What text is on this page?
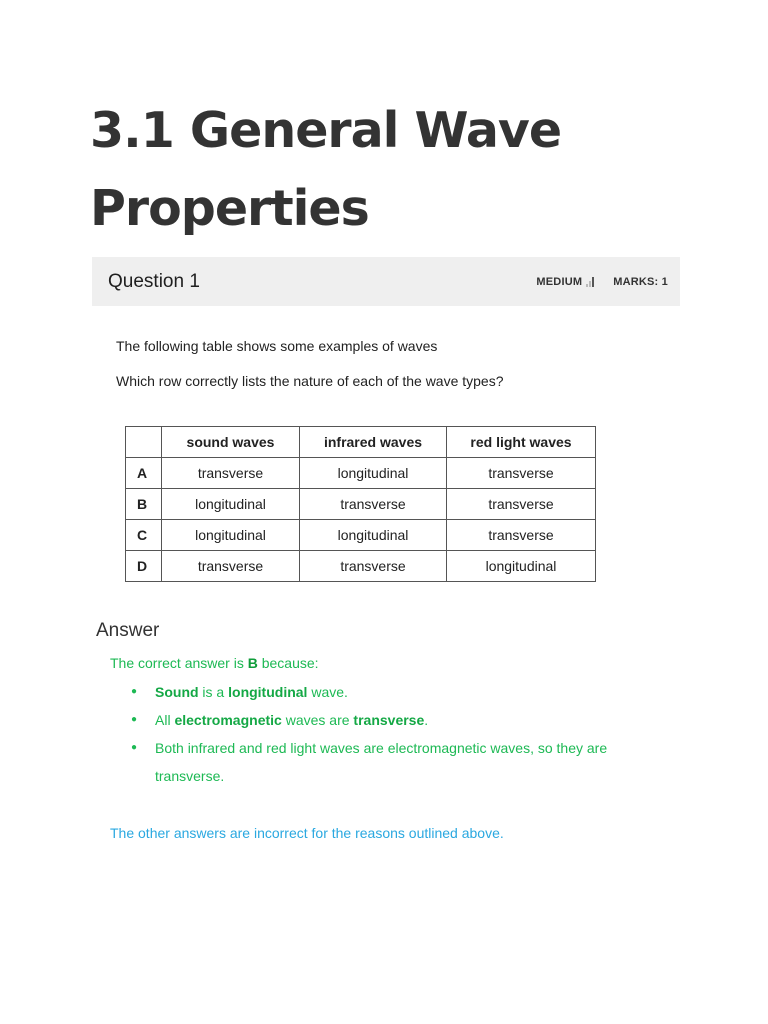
3.1 General Wave Properties
Question 1	MEDIUM	MARKS: 1

The following table shows some examples of waves

Which row correctly lists the nature of each of the wave types?

	sound waves	infrared waves	red light waves
A	transverse	longitudinal	transverse
B	longitudinal	transverse	transverse
C	longitudinal	longitudinal	transverse
D	transverse	transverse	longitudinal
Answer

The correct answer is B because:

● Sound is a longitudinal wave.
● All electromagnetic waves are transverse.
● Both infrared and red light waves are electromagnetic waves, so they are transverse.

The other answers are incorrect for the reasons outlined above.
